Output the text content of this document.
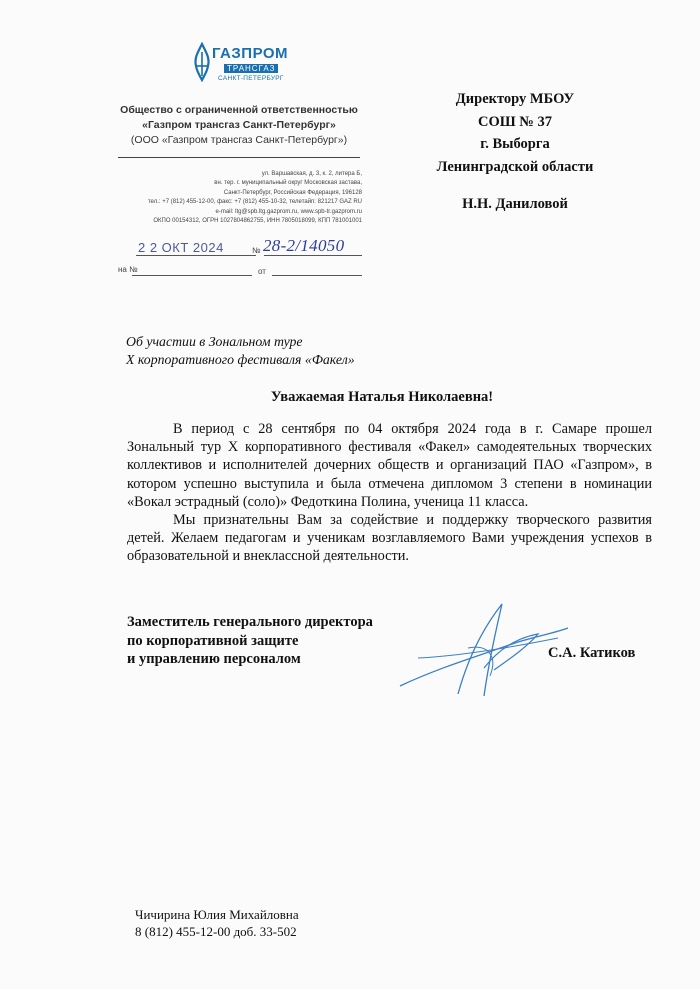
ГАЗПРОМ
ТРАНСГАЗ
САНКТ-ПЕТЕРБУРГ
Общество с ограниченной ответственностью
«Газпром трансгаз Санкт-Петербург»
(ООО «Газпром трансгаз Санкт-Петербург»)
ул. Варшавская, д. 3, к. 2, литера Б,
вн. тер. г. муниципальный округ Московская застава,
Санкт-Петербург, Российская Федерация, 196128
тел.: +7 (812) 455-12-00, факс: +7 (812) 455-10-32, телетайп: 821217 GAZ RU
e-mail: ltg@spb.ltg.gazprom.ru, www.spb-tr.gazprom.ru
ОКПО 00154312, ОГРН 1027804862755, ИНН 7805018099, КПП 781001001
2 2 ОКТ 2024	№ 28-2/14050
на №	от
Директору МБОУ
СОШ № 37
г. Выборга
Ленинградской области
Н.Н. Даниловой
Об участии в Зональном туре
Х корпоративного фестиваля «Факел»
Уважаемая Наталья Николаевна!

В период с 28 сентября по 04 октября 2024 года в г. Самаре прошел Зональный тур Х корпоративного фестиваля «Факел» самодеятельных творческих коллективов и исполнителей дочерних обществ и организаций ПАО «Газпром», в котором успешно выступила и была отмечена дипломом 3 степени в номинации «Вокал эстрадный (соло)» Федоткина Полина, ученица 11 класса.

Мы признательны Вам за содействие и поддержку творческого развития детей. Желаем педагогам и ученикам возглавляемого Вами учреждения успехов в образовательной и внеклассной деятельности.

Заместитель генерального директора
по корпоративной защите
и управлению персоналом	С.А. Катиков
Чичирина Юлия Михайловна
8 (812) 455-12-00 доб. 33-502
